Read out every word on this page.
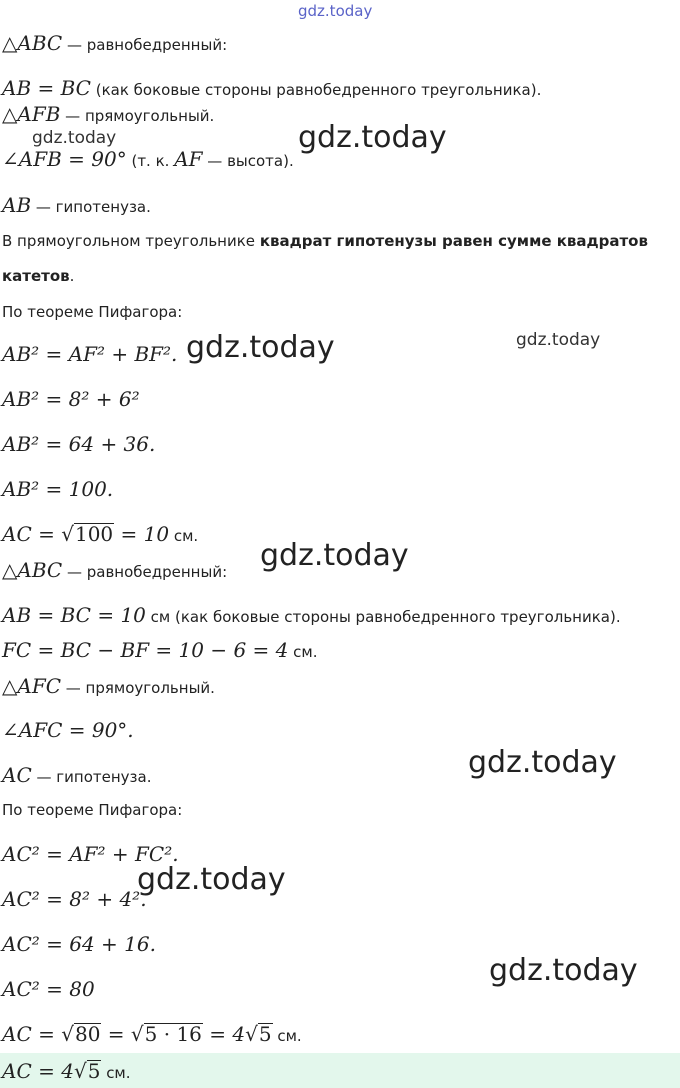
gdz.today
gdz.today	gdz.today
gdz.today	gdz.today
gdz.today
gdz.today
gdz.today
gdz.today
△ABC — равнобедренный:
AB = BC (как боковые стороны равнобедренного треугольника).
△AFB — прямоугольный.
∠AFB = 90° (т. к. AF — высота).
AB — гипотенуза.
В прямоугольном треугольнике квадрат гипотенузы равен сумме квадратов
катетов.
По теореме Пифагора:
AB² = AF² + BF².
AB² = 8² + 6²
AB² = 64 + 36.
AB² = 100.
AC = √100 = 10 см.
△ABC — равнобедренный:
AB = BC = 10 см (как боковые стороны равнобедренного треугольника).
FC = BC − BF = 10 − 6 = 4 см.
△AFC — прямоугольный.
∠AFC = 90°.
AC — гипотенуза.
По теореме Пифагора:
AC² = AF² + FC².
AC² = 8² + 4².
AC² = 64 + 16.
AC² = 80
AC = √80 = √5 · 16 = 4√5 см.
AC = 4√5 см.
